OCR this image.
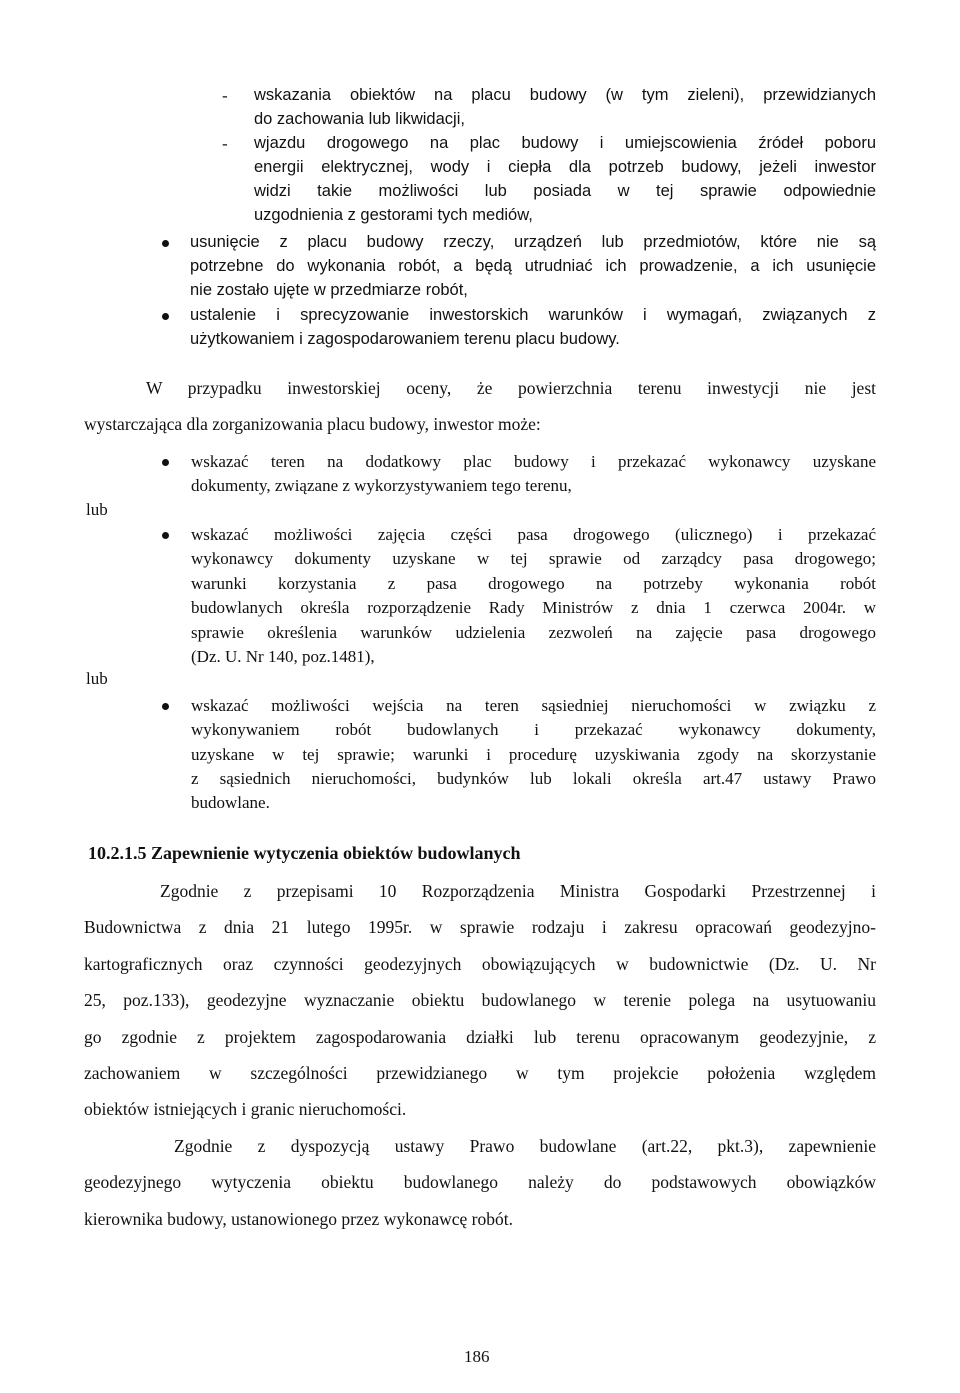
- wskazania obiektów na placu budowy (w tym zieleni), przewidzianych
do zachowania lub likwidacji,
- wjazdu drogowego na plac budowy i umiejscowienia źródeł poboru
energii elektrycznej, wody i ciepła dla potrzeb budowy, jeżeli inwestor
widzi takie możliwości lub posiada w tej sprawie odpowiednie
uzgodnienia z gestorami tych mediów,
usunięcie z placu budowy rzeczy, urządzeń lub przedmiotów, które nie są
potrzebne do wykonania robót, a będą utrudniać ich prowadzenie, a ich usunięcie
nie zostało ujęte w przedmiarze robót,
ustalenie i sprecyzowanie inwestorskich warunków i wymagań, związanych z
użytkowaniem i zagospodarowaniem terenu placu budowy.
W przypadku inwestorskiej oceny, że powierzchnia terenu inwestycji nie jest
wystarczająca dla zorganizowania placu budowy, inwestor może:
wskazać teren na dodatkowy plac budowy i przekazać wykonawcy uzyskane
dokumenty, związane z wykorzystywaniem tego terenu,
lub
wskazać możliwości zajęcia części pasa drogowego (ulicznego) i przekazać
wykonawcy dokumenty uzyskane w tej sprawie od zarządcy pasa drogowego;
warunki korzystania z pasa drogowego na potrzeby wykonania robót
budowlanych określa rozporządzenie Rady Ministrów z dnia 1 czerwca 2004r. w
sprawie określenia warunków udzielenia zezwoleń na zajęcie pasa drogowego
(Dz. U. Nr 140, poz.1481),
lub
wskazać możliwości wejścia na teren sąsiedniej nieruchomości w związku z
wykonywaniem robót budowlanych i przekazać wykonawcy dokumenty,
uzyskane w tej sprawie; warunki i procedurę uzyskiwania zgody na skorzystanie
z sąsiednich nieruchomości, budynków lub lokali określa art.47 ustawy Prawo
budowlane.
10.2.1.5 Zapewnienie wytyczenia obiektów budowlanych
Zgodnie z przepisami 10 Rozporządzenia Ministra Gospodarki Przestrzennej i
Budownictwa z dnia 21 lutego 1995r. w sprawie rodzaju i zakresu opracowań geodezyjno-
kartograficznych oraz czynności geodezyjnych obowiązujących w budownictwie (Dz. U. Nr
25, poz.133), geodezyjne wyznaczanie obiektu budowlanego w terenie polega na usytuowaniu
go zgodnie z projektem zagospodarowania działki lub terenu opracowanym geodezyjnie, z
zachowaniem w szczególności przewidzianego w tym projekcie położenia względem
obiektów istniejących i granic nieruchomości.
Zgodnie z dyspozycją ustawy Prawo budowlane (art.22, pkt.3), zapewnienie
geodezyjnego wytyczenia obiektu budowlanego należy do podstawowych obowiązków
kierownika budowy, ustanowionego przez wykonawcę robót.
186
